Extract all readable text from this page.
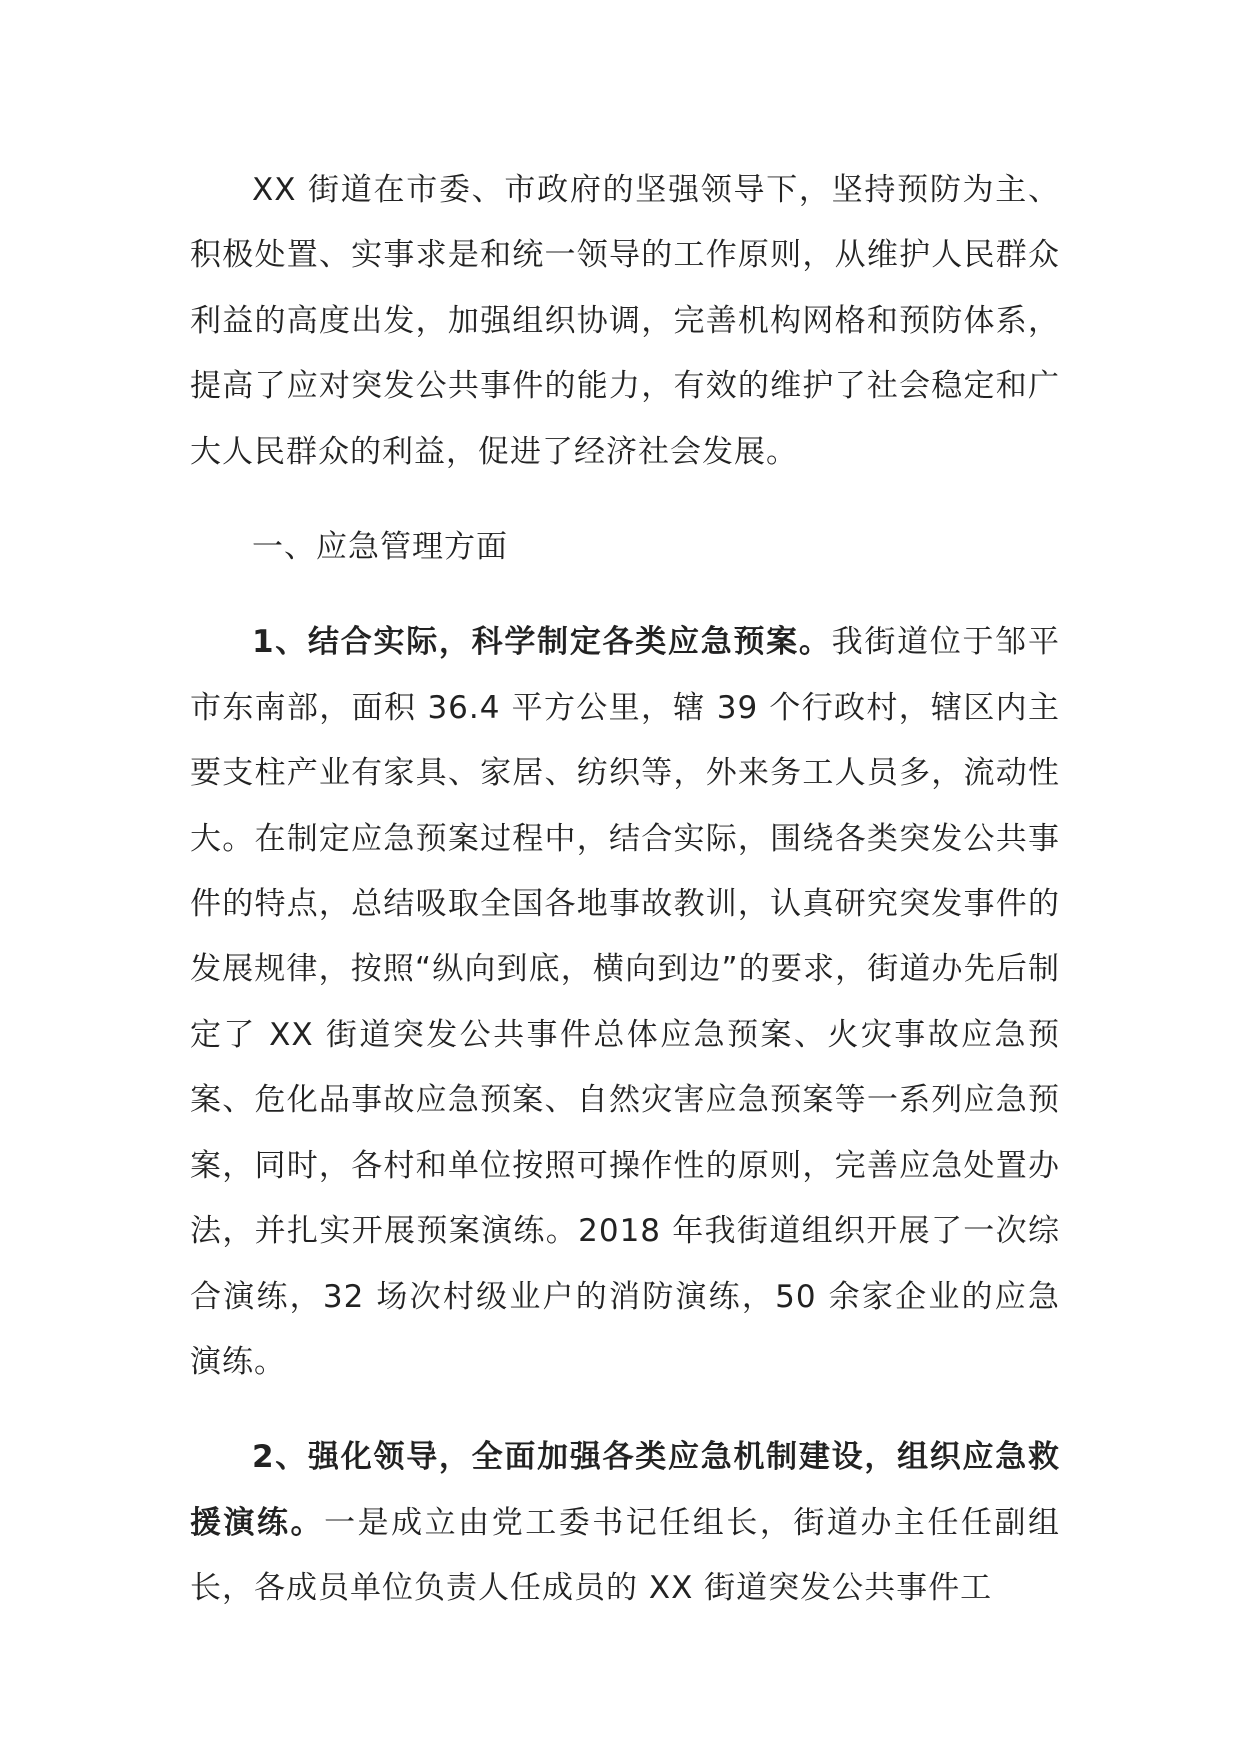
XX 街道在市委、市政府的坚强领导下，坚持预防为主、积极处置、实事求是和统一领导的工作原则，从维护人民群众利益的高度出发，加强组织协调，完善机构网格和预防体系，提高了应对突发公共事件的能力，有效的维护了社会稳定和广大人民群众的利益，促进了经济社会发展。

一、应急管理方面

1、结合实际，科学制定各类应急预案。我街道位于邹平市东南部，面积 36.4 平方公里，辖 39 个行政村，辖区内主要支柱产业有家具、家居、纺织等，外来务工人员多，流动性大。在制定应急预案过程中，结合实际，围绕各类突发公共事件的特点，总结吸取全国各地事故教训，认真研究突发事件的发展规律，按照“纵向到底，横向到边”的要求，街道办先后制定了 XX 街道突发公共事件总体应急预案、火灾事故应急预案、危化品事故应急预案、自然灾害应急预案等一系列应急预案，同时，各村和单位按照可操作性的原则，完善应急处置办法，并扎实开展预案演练。2018 年我街道组织开展了一次综合演练，32 场次村级业户的消防演练，50 余家企业的应急演练。

2、强化领导，全面加强各类应急机制建设，组织应急救援演练。一是成立由党工委书记任组长，街道办主任任副组长，各成员单位负责人任成员的 XX 街道突发公共事件工
